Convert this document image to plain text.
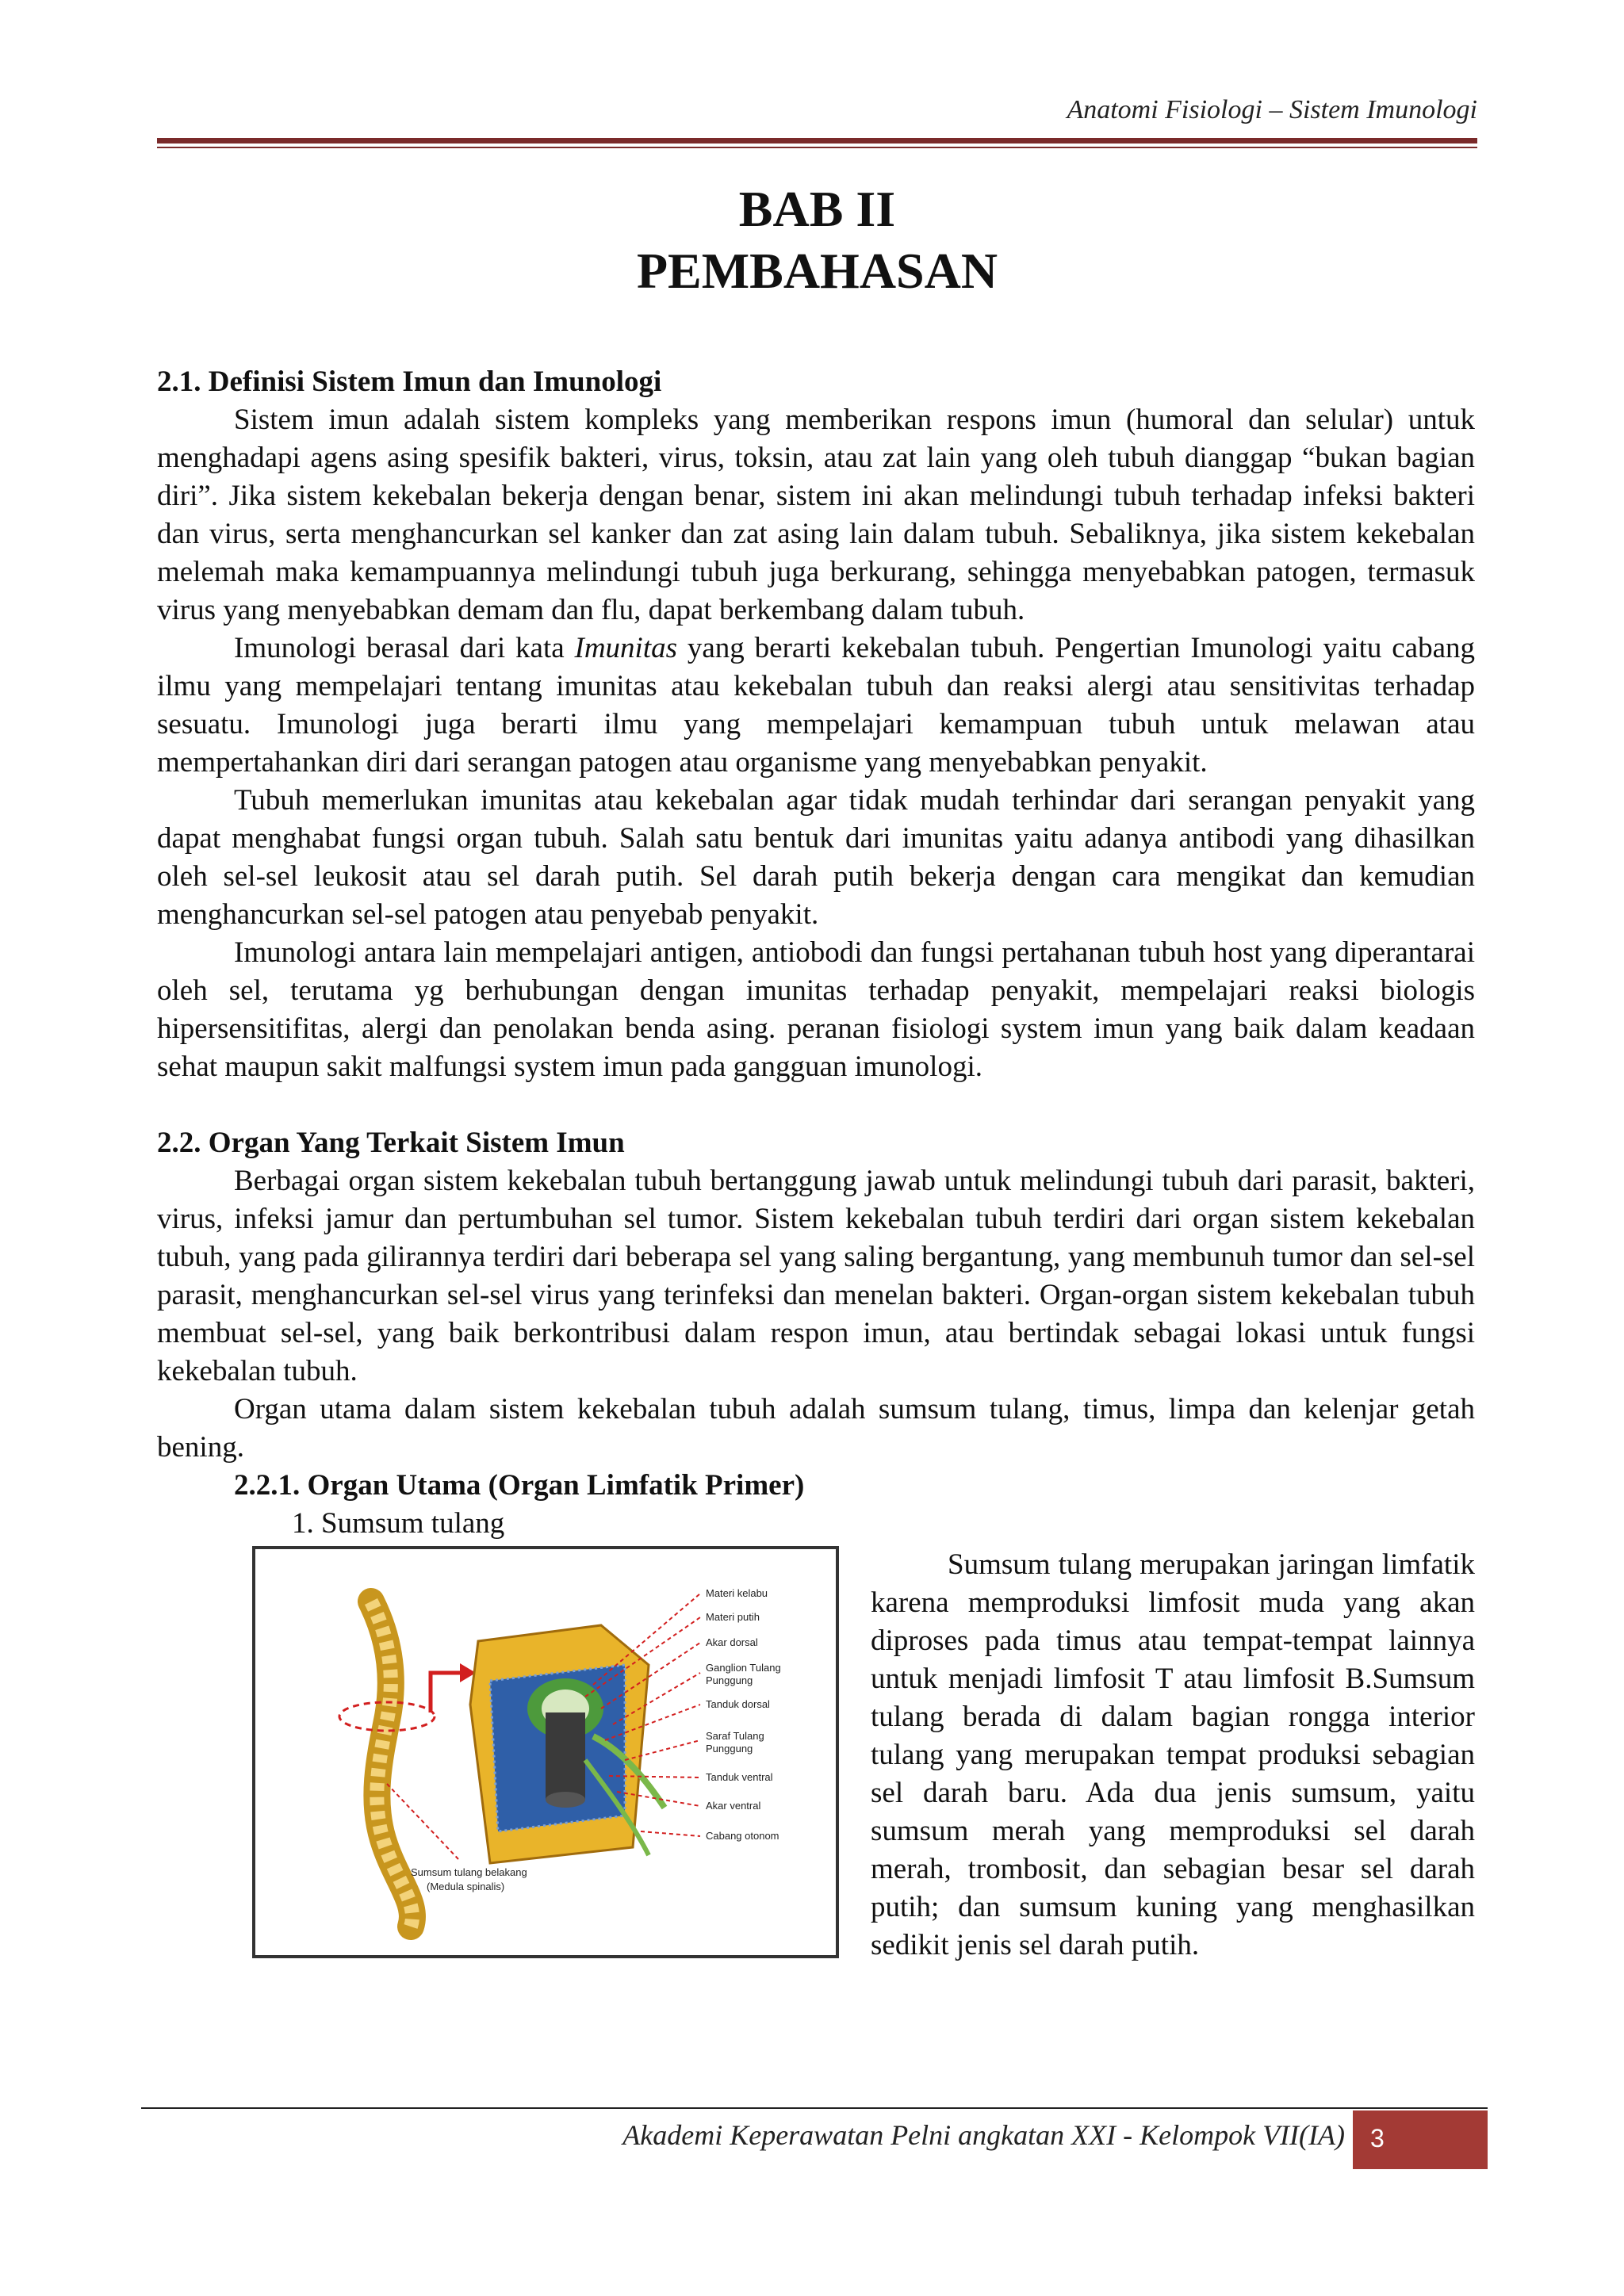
Anatomi Fisiologi – Sistem Imunologi
BAB II
PEMBAHASAN
2.1. Definisi Sistem Imun dan Imunologi

Sistem imun adalah sistem kompleks yang memberikan respons imun (humoral dan selular) untuk menghadapi agens asing spesifik bakteri, virus, toksin, atau zat lain yang oleh tubuh dianggap “bukan bagian diri”. Jika sistem kekebalan bekerja dengan benar, sistem ini akan melindungi tubuh terhadap infeksi bakteri dan virus, serta menghancurkan sel kanker dan zat asing lain dalam tubuh. Sebaliknya, jika sistem kekebalan melemah maka kemampuannya melindungi tubuh juga berkurang, sehingga menyebabkan patogen, termasuk virus yang menyebabkan demam dan flu, dapat berkembang dalam tubuh.

Imunologi berasal dari kata Imunitas yang berarti kekebalan tubuh. Pengertian Imunologi yaitu cabang ilmu yang mempelajari tentang imunitas atau kekebalan tubuh dan reaksi alergi atau sensitivitas terhadap sesuatu. Imunologi juga berarti ilmu yang mempelajari kemampuan tubuh untuk melawan atau mempertahankan diri dari serangan patogen atau organisme yang menyebabkan penyakit.

Tubuh memerlukan imunitas atau kekebalan agar tidak mudah terhindar dari serangan penyakit yang dapat menghabat fungsi organ tubuh. Salah satu bentuk dari imunitas yaitu adanya antibodi yang dihasilkan oleh sel-sel leukosit atau sel darah putih. Sel darah putih bekerja dengan cara mengikat dan kemudian menghancurkan sel-sel patogen atau penyebab penyakit.

Imunologi antara lain mempelajari antigen, antiobodi dan fungsi pertahanan tubuh host yang diperantarai oleh sel, terutama yg berhubungan dengan imunitas terhadap penyakit, mempelajari reaksi biologis hipersensitifitas, alergi dan penolakan benda asing. peranan fisiologi system imun yang baik dalam keadaan sehat maupun sakit malfungsi system imun pada gangguan imunologi.

2.2. Organ Yang Terkait Sistem Imun

Berbagai organ sistem kekebalan tubuh bertanggung jawab untuk melindungi tubuh dari parasit, bakteri, virus, infeksi jamur dan pertumbuhan sel tumor. Sistem kekebalan tubuh terdiri dari organ sistem kekebalan tubuh, yang pada gilirannya terdiri dari beberapa sel yang saling bergantung, yang membunuh tumor dan sel-sel parasit, menghancurkan sel-sel virus yang terinfeksi dan menelan bakteri. Organ-organ sistem kekebalan tubuh membuat sel-sel, yang baik berkontribusi dalam respon imun, atau bertindak sebagai lokasi untuk fungsi kekebalan tubuh.

Organ utama dalam sistem kekebalan tubuh adalah sumsum tulang, timus, limpa dan kelenjar getah bening.

2.2.1. Organ Utama (Organ Limfatik Primer)
1. Sumsum tulang
Materi kelabu
Materi putih
Akar dorsal
Ganglion Tulang
Punggung
Tanduk dorsal
Saraf Tulang
Punggung
Tanduk ventral
Akar ventral
Cabang otonom
Sumsum tulang belakang
(Medula spinalis)
Sumsum tulang merupakan jaringan limfatik karena memproduksi limfosit muda yang akan diproses pada timus atau tempat-tempat lainnya untuk menjadi limfosit T atau limfosit B.Sumsum tulang berada di dalam bagian rongga interior tulang yang merupakan tempat produksi sebagian sel darah baru. Ada dua jenis sumsum, yaitu sumsum merah yang memproduksi sel darah merah, trombosit, dan sebagian besar sel darah putih; dan sumsum kuning yang menghasilkan sedikit jenis sel darah putih.
Akademi Keperawatan Pelni angkatan XXI - Kelompok VII(IA) 3
